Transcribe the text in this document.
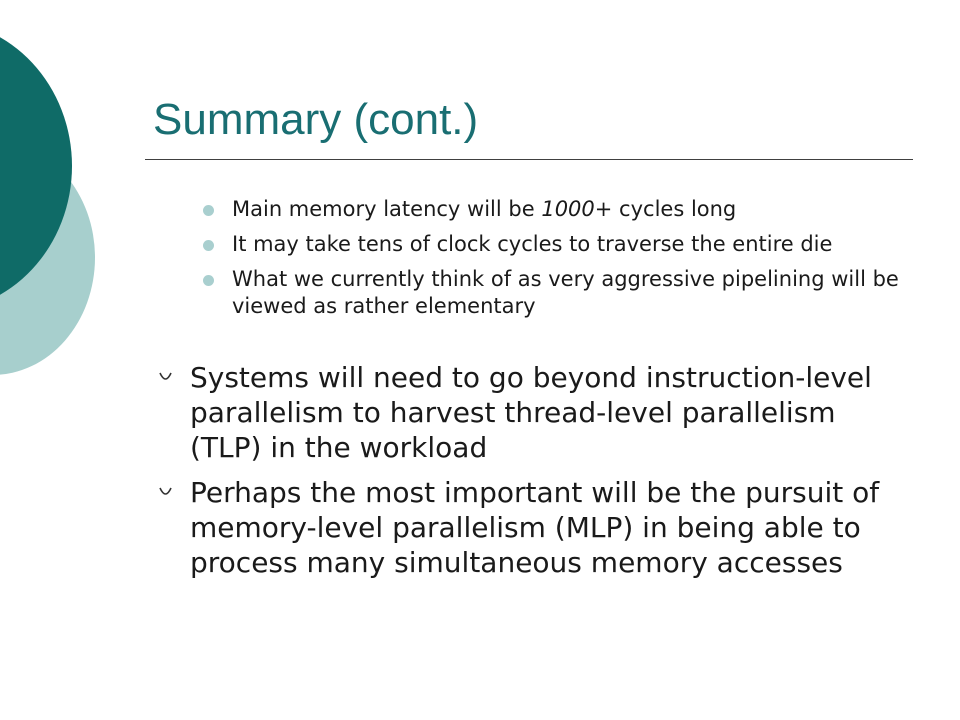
Summary (cont.)
Main memory latency will be 1000+ cycles long
It may take tens of clock cycles to traverse the entire die
What we currently think of as very aggressive pipelining will be viewed as rather elementary
Systems will need to go beyond instruction-level parallelism to harvest thread-level parallelism (TLP) in the workload
Perhaps the most important will be the pursuit of memory-level parallelism (MLP) in being able to process many simultaneous memory accesses
